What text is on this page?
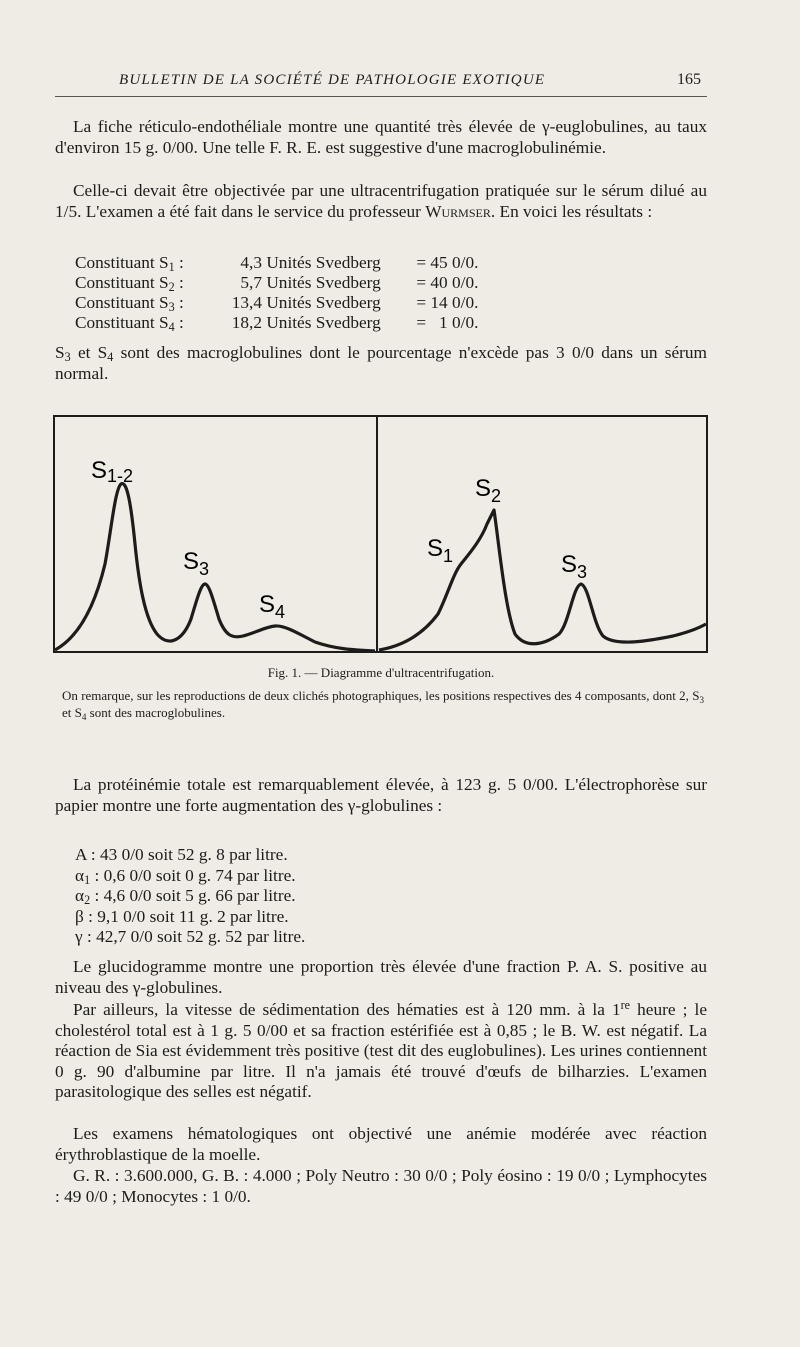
BULLETIN DE LA SOCIÉTÉ DE PATHOLOGIE EXOTIQUE	165

La fiche réticulo-endothéliale montre une quantité très élevée de γ-euglobulines, au taux d'environ 15 g. 0/00. Une telle F. R. E. est suggestive d'une macroglobulinémie.

Celle-ci devait être objectivée par une ultracentrifugation pratiquée sur le sérum dilué au 1/5. L'examen a été fait dans le service du professeur Wurmser. En voici les résultats :

Constituant $S_1$ :	4,3 Unités Svedberg = 45 0/0.
Constituant $S_2$ :	5,7 Unités Svedberg = 40 0/0.
Constituant $S_3$ :	13,4 Unités Svedberg = 14 0/0.
Constituant $S_4$ :	18,2 Unités Svedberg =   1 0/0.

$S_3$ et $S_4$ sont des macroglobulines dont le pourcentage n'excède pas 3 0/0 dans un sérum normal.

S1-2
$S_3$
$S_4$
$S_1$
$S_2$
$S_3$
Fig. 1. — Diagramme d'ultracentrifugation.
On remarque, sur les reproductions de deux clichés photographiques, les positions respectives des 4 composants, dont 2, $S_3$ et $S_4$ sont des macroglobulines.

La protéinémie totale est remarquablement élevée, à 123 g. 5 0/00. L'électrophorèse sur papier montre une forte augmentation des γ-globulines :

A : 43 0/0 soit 52 g. 8 par litre.
$\alpha_1$ : 0,6 0/0 soit 0 g. 74 par litre.
$\alpha_2$ : 4,6 0/0 soit 5 g. 66 par litre.
β : 9,1 0/0 soit 11 g. 2 par litre.
γ : 42,7 0/0 soit 52 g. 52 par litre.

Le glucidogramme montre une proportion très élevée d'une fraction P. A. S. positive au niveau des γ-globulines.

Par ailleurs, la vitesse de sédimentation des hématies est à 120 mm. à la 1re heure ; le cholestérol total est à 1 g. 5 0/00 et sa fraction estérifiée est à 0,85 ; le B. W. est négatif. La réaction de Sia est évidemment très positive (test dit des euglobulines). Les urines contiennent 0 g. 90 d'albumine par litre. Il n'a jamais été trouvé d'œufs de bilharzies. L'examen parasitologique des selles est négatif.

Les examens hématologiques ont objectivé une anémie modérée avec réaction érythroblastique de la moelle.

G. R. : 3.600.000, G. B. : 4.000 ; Poly Neutro : 30 0/0 ; Poly éosino : 19 0/0 ; Lymphocytes : 49 0/0 ; Monocytes : 1 0/0.
